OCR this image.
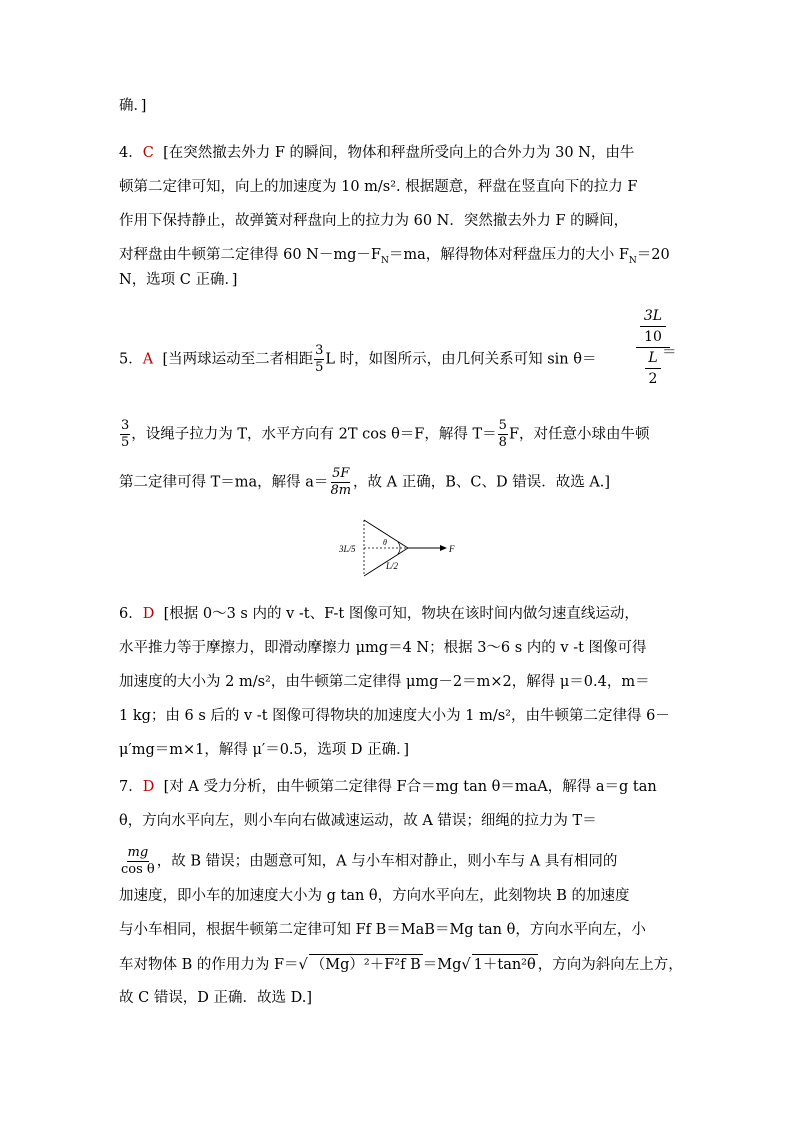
确．]
4．C [在突然撤去外力 F 的瞬间，物体和秤盘所受向上的合外力为 30 N，由牛
顿第二定律可知，向上的加速度为 10 m/s². 根据题意，秤盘在竖直向下的拉力 F
作用下保持静止，故弹簧对秤盘向上的拉力为 60 N．突然撤去外力 F 的瞬间，
对秤盘由牛顿第二定律得 60 $N-mg-F_N=ma$，解得物体对秤盘压力的大小 $F_N=20$
N，选项 C 正确．]
5．A [当两球运动至二者相距 $\frac{3}{5}$ L 时，如图所示，由几何关系可知 sin θ＝
3L
10
L
2
＝
$\frac{3}{5}$ ，设绳子拉力为 T，水平方向有 2T cos θ＝F，解得 $T= \frac{5}{8}$ F，对任意小球由牛顿
第二定律可得 T＝ma，解得 $a= \frac{5F}{8m}$ ，故 A 正确，B、C、D 错误．故选 A.]
3L/5
θ
L/2
F
6．D [根据 0～3 s 内的 v -t、F-t 图像可知，物块在该时间内做匀速直线运动，
水平推力等于摩擦力，即滑动摩擦力 μmg＝4 N；根据 3～6 s 内的 v -t 图像可得
加速度的大小为 2 m/s²，由牛顿第二定律得 μmg－2＝m×2，解得 μ＝0.4，m＝
1 kg；由 6 s 后的 v -t 图像可得物块的加速度大小为 1 m/s²，由牛顿第二定律得 6－
μ′mg＝m×1，解得 μ′＝0.5，选项 D 正确．]
7．D [对 A 受力分析，由牛顿第二定律得 F合＝mg tan θ＝maA，解得 a＝g tan
θ，方向水平向左，则小车向右做减速运动，故 A 错误；细绳的拉力为 T＝
$\frac{mg}{\text{cos θ}}$ ，故 B 错误；由题意可知，A 与小车相对静止，则小车与 A 具有相同的
加速度，即小车的加速度大小为 g tan θ，方向水平向左，此刻物块 B 的加速度
与小车相同，根据牛顿第二定律可知 Ff B＝MaB＝Mg tan θ，方向水平向左，小
车对物体 B 的作用力为 F＝√ （Mg）²＋F²f B ＝Mg√ 1＋tan²θ ，方向为斜向左上方，
故 C 错误，D 正确．故选 D.]
